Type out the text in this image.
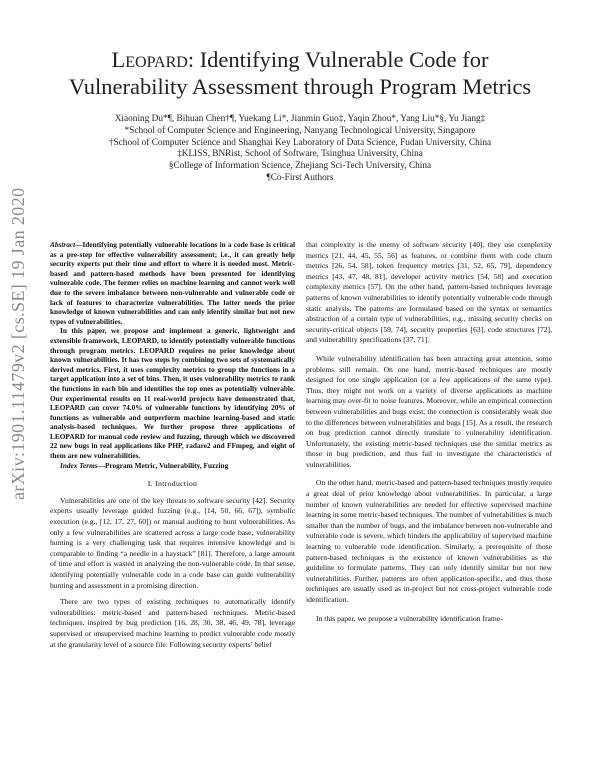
arXiv:1901.11479v2 [cs.SE] 19 Jan 2020
Leopard: Identifying Vulnerable Code for
Vulnerability Assessment through Program Metrics
Xiaoning Du*¶, Bihuan Chen†¶, Yuekang Li*, Jianmin Guo‡, Yaqin Zhou*, Yang Liu*§, Yu Jiang‡
*School of Computer Science and Engineering, Nanyang Technological University, Singapore
†School of Computer Science and Shanghai Key Laboratory of Data Science, Fudan University, China
‡KLISS, BNRist, School of Software, Tsinghua University, China
§College of Information Science, Zhejiang Sci-Tech University, China
¶Co-First Authors

Abstract—Identifying potentially vulnerable locations in a code base is critical as a pre-step for effective vulnerability assessment; i.e., it can greatly help security experts put their time and effort to where it is needed most. Metric-based and pattern-based methods have been presented for identifying vulnerable code. The former relies on machine learning and cannot work well due to the severe imbalance between non-vulnerable and vulnerable code or lack of features to characterize vulnerabilities. The latter needs the prior knowledge of known vulnerabilities and can only identify similar but not new types of vulnerabilities.

In this paper, we propose and implement a generic, lightweight and extensible framework, LEOPARD, to identify potentially vulnerable functions through program metrics. LEOPARD requires no prior knowledge about known vulnerabilities. It has two steps by combining two sets of systematically derived metrics. First, it uses complexity metrics to group the functions in a target application into a set of bins. Then, it uses vulnerability metrics to rank the functions in each bin and identifies the top ones as potentially vulnerable. Our experimental results on 11 real-world projects have demonstrated that, LEOPARD can cover 74.0% of vulnerable functions by identifying 20% of functions as vulnerable and outperform machine learning-based and static analysis-based techniques. We further propose three applications of LEOPARD for manual code review and fuzzing, through which we discovered 22 new bugs in real applications like PHP, radare2 and FFmpeg, and eight of them are new vulnerabilities.

Index Terms—Program Metric, Vulnerability, Fuzzing

I. Introduction

Vulnerabilities are one of the key threats to software security [42]. Security experts usually leverage guided fuzzing (e.g., [14, 50, 66, 67]), symbolic execution (e.g., [12, 17, 27, 60]) or manual auditing to hunt vulnerabilities. As only a few vulnerabilities are scattered across a large code base, vulnerability hunting is a very challenging task that requires intensive knowledge and is comparable to finding “a needle in a haystack” [81]. Therefore, a large amount of time and effort is wasted in analyzing the non-vulnerable code. In that sense, identifying potentially vulnerable code in a code base can guide vulnerability hunting and assessment in a promising direction.

There are two types of existing techniques to automatically identify vulnerabilities: metric-based and pattern-based techniques. Metric-based techniques, inspired by bug prediction [16, 28, 30, 38, 46, 49, 78], leverage supervised or unsupervised machine learning to predict vulnerable code mostly at the granularity level of a source file. Following security experts’ belief

that complexity is the enemy of software security [40], they use complexity metrics [21, 44, 45, 55, 56] as features, or combine them with code churn metrics [26, 54, 58], token frequency metrics [31, 52, 65, 79], dependency metrics [43, 47, 48, 81], developer activity metrics [54, 58] and execution complexity metrics [57]. On the other hand, pattern-based techniques leverage patterns of known vulnerabilities to identify potentially vulnerable code through static analysis. The patterns are formulated based on the syntax or semantics abstraction of a certain type of vulnerabilities, e.g., missing security checks on security-critical objects [59, 74], security properties [63], code structures [72], and vulnerability specifications [37, 71].

While vulnerability identification has been attracting great attention, some problems still remain. On one hand, metric-based techniques are mostly designed for one single application (or a few applications of the same type). Thus, they might not work on a variety of diverse applications as machine learning may over-fit to noise features. Moreover, while an empirical connection between vulnerabilities and bugs exist, the connection is considerably weak due to the differences between vulnerabilities and bugs [15]. As a result, the research on bug prediction cannot directly translate to vulnerability identification. Unfortunately, the existing metric-based techniques use the similar metrics as those in bug prediction, and thus fail to investigate the characteristics of vulnerabilities.

On the other hand, metric-based and pattern-based techniques mostly require a great deal of prior knowledge about vulnerabilities. In particular, a large number of known vulnerabilities are needed for effective supervised machine learning in some metric-based techniques. The number of vulnerabilities is much smaller than the number of bugs, and the imbalance between non-vulnerable and vulnerable code is severe, which hinders the applicability of supervised machine learning to vulnerable code identification. Similarly, a prerequisite of those pattern-based techniques is the existence of known vulnerabilities as the guideline to formulate patterns. They can only identify similar but not new vulnerabilities. Further, patterns are often application-specific, and thus those techniques are usually used as in-project but not cross-project vulnerable code identification.

In this paper, we propose a vulnerability identification frame-
